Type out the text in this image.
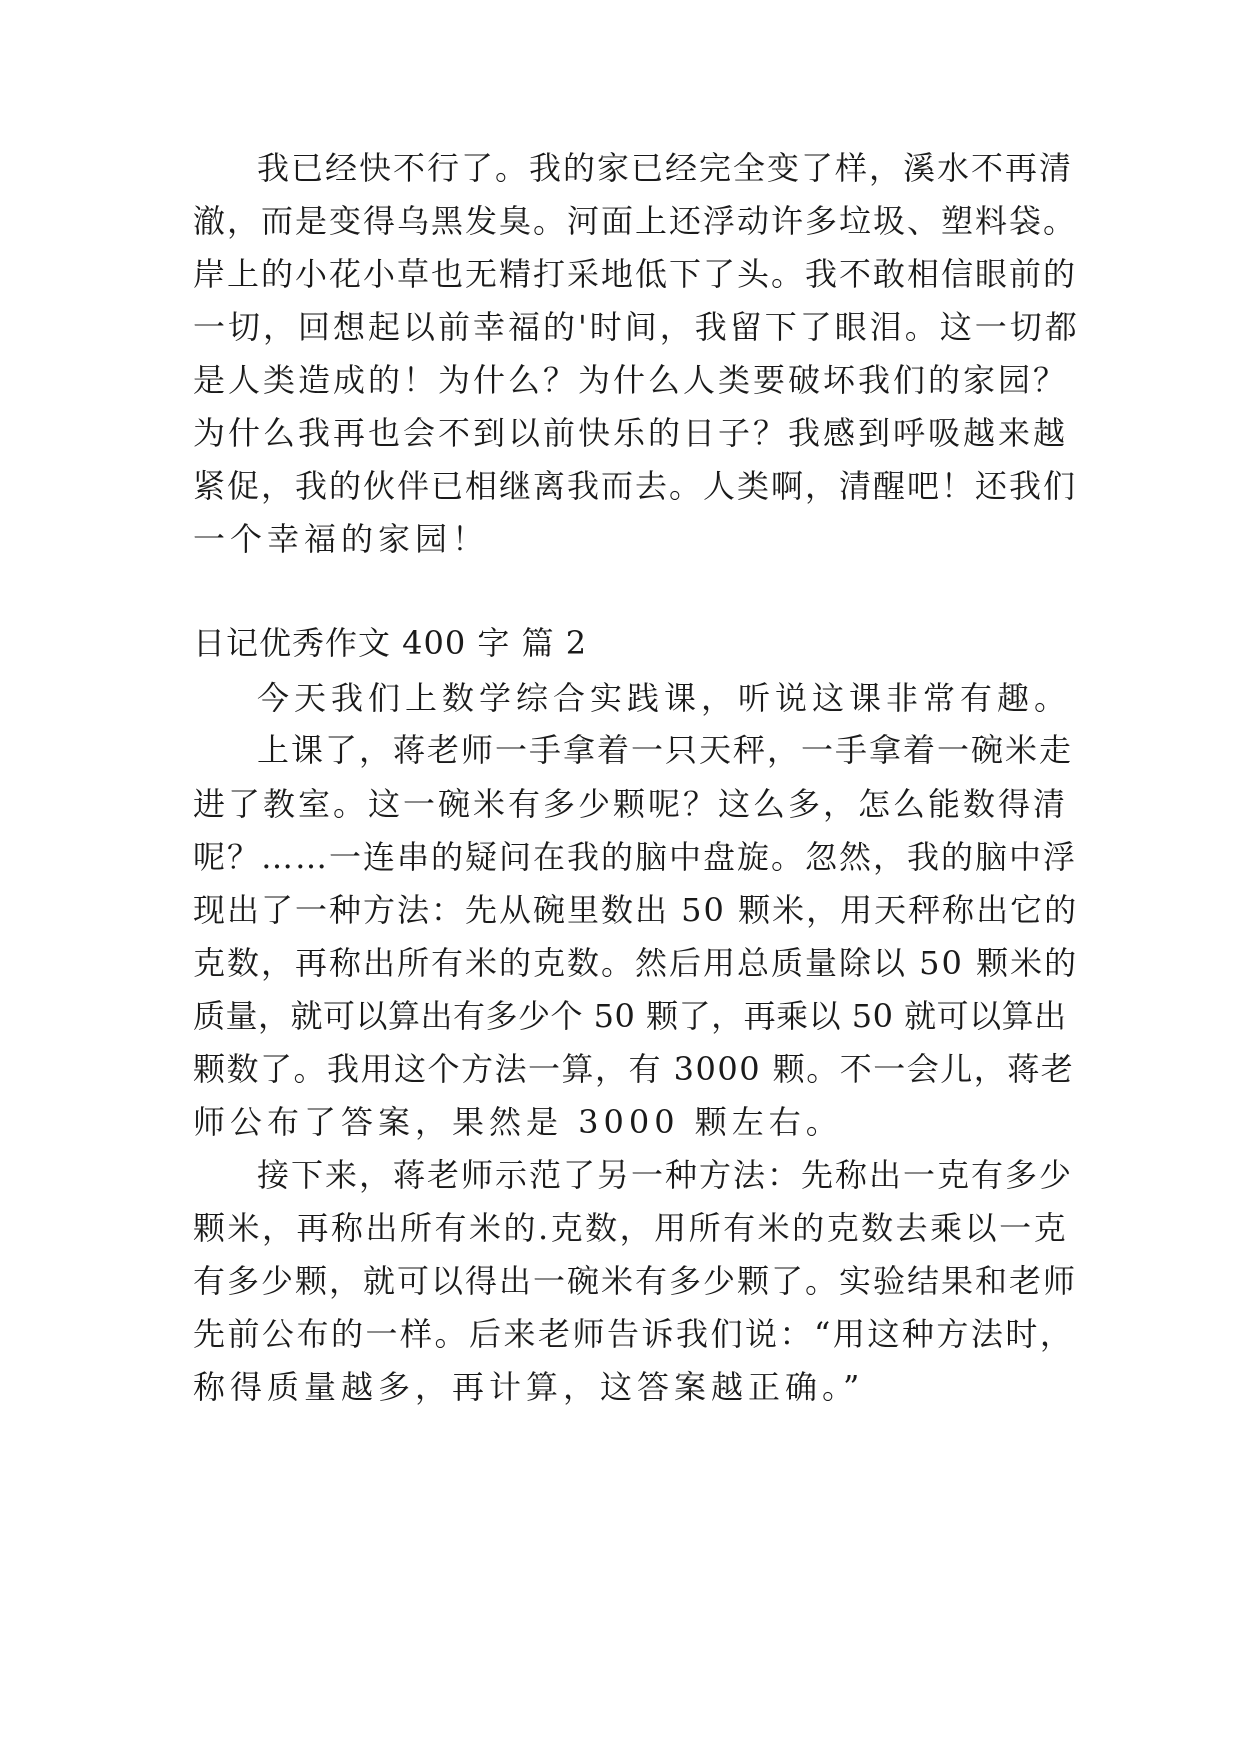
我已经快不行了。我的家已经完全变了样，溪水不再清
澈，而是变得乌黑发臭。河面上还浮动许多垃圾、塑料袋。
岸上的小花小草也无精打采地低下了头。我不敢相信眼前的
一切，回想起以前幸福的'时间，我留下了眼泪。这一切都
是人类造成的！为什么？为什么人类要破坏我们的家园？
为什么我再也会不到以前快乐的日子？我感到呼吸越来越
紧促，我的伙伴已相继离我而去。人类啊，清醒吧！还我们
一个幸福的家园！
日记优秀作文 400 字 篇 2
今天我们上数学综合实践课，听说这课非常有趣。
上课了，蒋老师一手拿着一只天秤，一手拿着一碗米走
进了教室。这一碗米有多少颗呢？这么多，怎么能数得清
呢？……一连串的疑问在我的脑中盘旋。忽然，我的脑中浮
现出了一种方法：先从碗里数出 50 颗米，用天秤称出它的
克数，再称出所有米的克数。然后用总质量除以 50 颗米的
质量，就可以算出有多少个 50 颗了，再乘以 50 就可以算出
颗数了。我用这个方法一算，有 3000 颗。不一会儿，蒋老
师公布了答案，果然是 3000 颗左右。
接下来，蒋老师示范了另一种方法：先称出一克有多少
颗米，再称出所有米的.克数，用所有米的克数去乘以一克
有多少颗，就可以得出一碗米有多少颗了。实验结果和老师
先前公布的一样。后来老师告诉我们说：“用这种方法时，
称得质量越多，再计算，这答案越正确。”
